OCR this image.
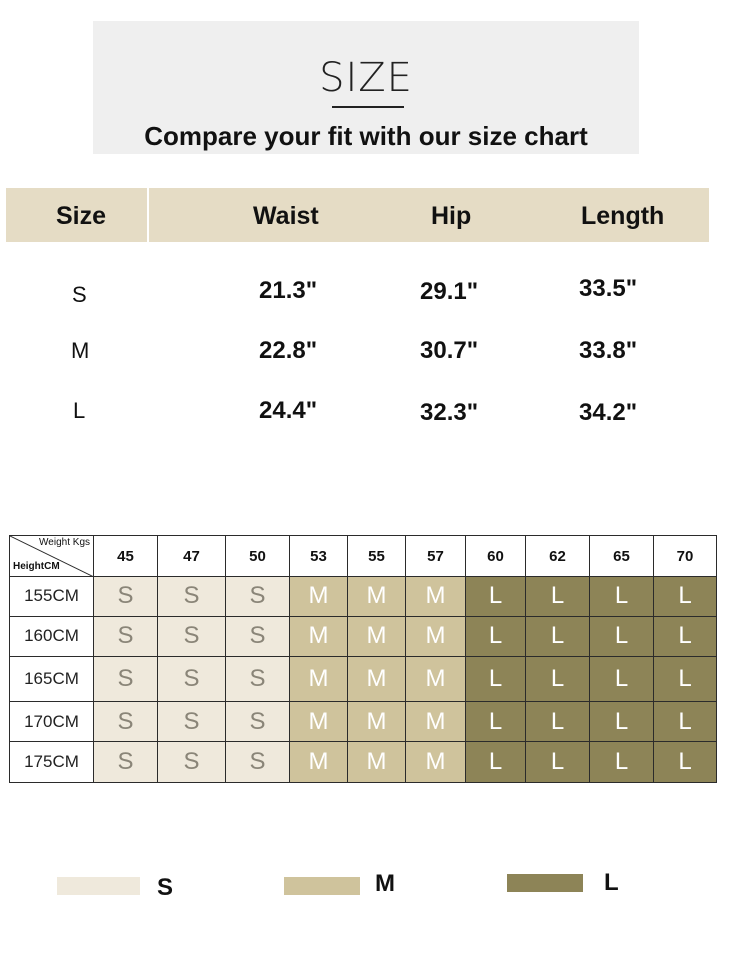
SIZE
Compare your fit with our size chart
Size	Waist	Hip	Length
S	21.3"	29.1"	33.5"
M	22.8"	30.7"	33.8"
L	24.4"	32.3"	34.2"
Weight Kgs
HeightCM	45	47	50	53	55	57	60	62	65	70
155CM	S	S	S	M	M	M	L	L	L	L
160CM	S	S	S	M	M	M	L	L	L	L
165CM	S	S	S	M	M	M	L	L	L	L
170CM	S	S	S	M	M	M	L	L	L	L
175CM	S	S	S	M	M	M	L	L	L	L
S	M	L
